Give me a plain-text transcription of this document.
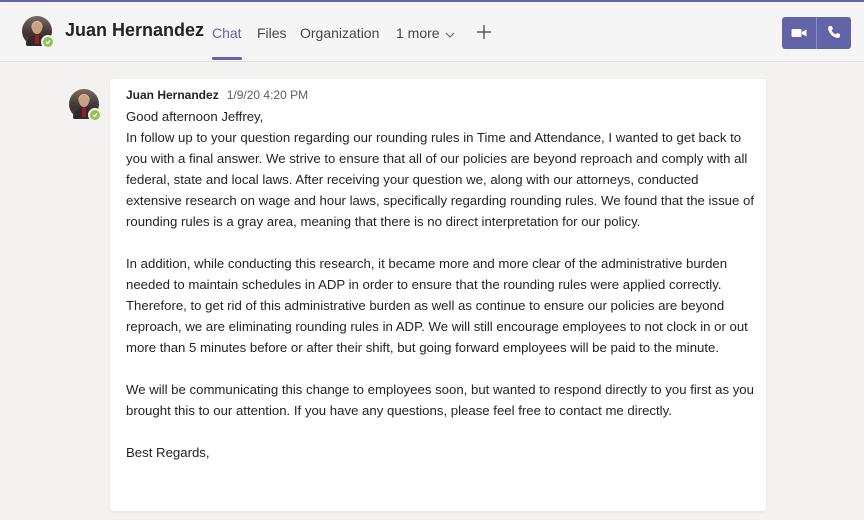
Juan Hernandez Chat Files Organization 1 more
Juan Hernandez 1/9/20 4:20 PM

Good afternoon Jeffrey,

In follow up to your question regarding our rounding rules in Time and Attendance, I wanted to get back to you with a final answer. We strive to ensure that all of our policies are beyond reproach and comply with all federal, state and local laws. After receiving your question we, along with our attorneys, conducted extensive research on wage and hour laws, specifically regarding rounding rules. We found that the issue of rounding rules is a gray area, meaning that there is no direct interpretation for our policy.

In addition, while conducting this research, it became more and more clear of the administrative burden needed to maintain schedules in ADP in order to ensure that the rounding rules were applied correctly. Therefore, to get rid of this administrative burden as well as continue to ensure our policies are beyond reproach, we are eliminating rounding rules in ADP. We will still encourage employees to not clock in or out more than 5 minutes before or after their shift, but going forward employees will be paid to the minute.

We will be communicating this change to employees soon, but wanted to respond directly to you first as you brought this to our attention. If you have any questions, please feel free to contact me directly.

Best Regards,
